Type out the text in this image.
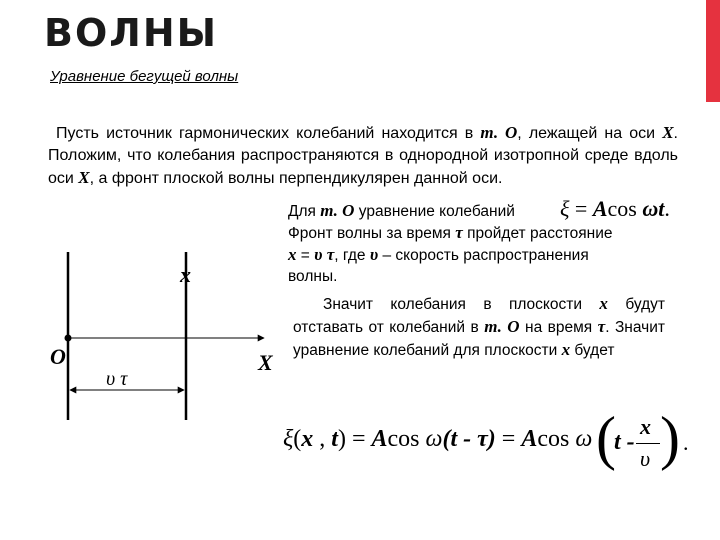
ВОЛНЫ
Уравнение бегущей волны
Пусть источник гармонических колебаний находится в т. O, лежащей на оси X. Положим, что колебания распространяются в однородной изотропной среде вдоль оси X, а фронт плоской волны перпендикулярен данной оси.
Для т. O уравнение колебаний ξ = Acos ωt.
Фронт волны за время τ пройдет расстояние
x = υ τ, где υ – скорость распространения
волны.
Значит колебания в плоскости x будут отставать от колебаний в т. O на время τ. Значит уравнение колебаний для плоскости x будет
x
O	X
υ τ
ξ(x , t) = Acos ω(t - τ) = Acos ω (
t -
x
υ ) .
